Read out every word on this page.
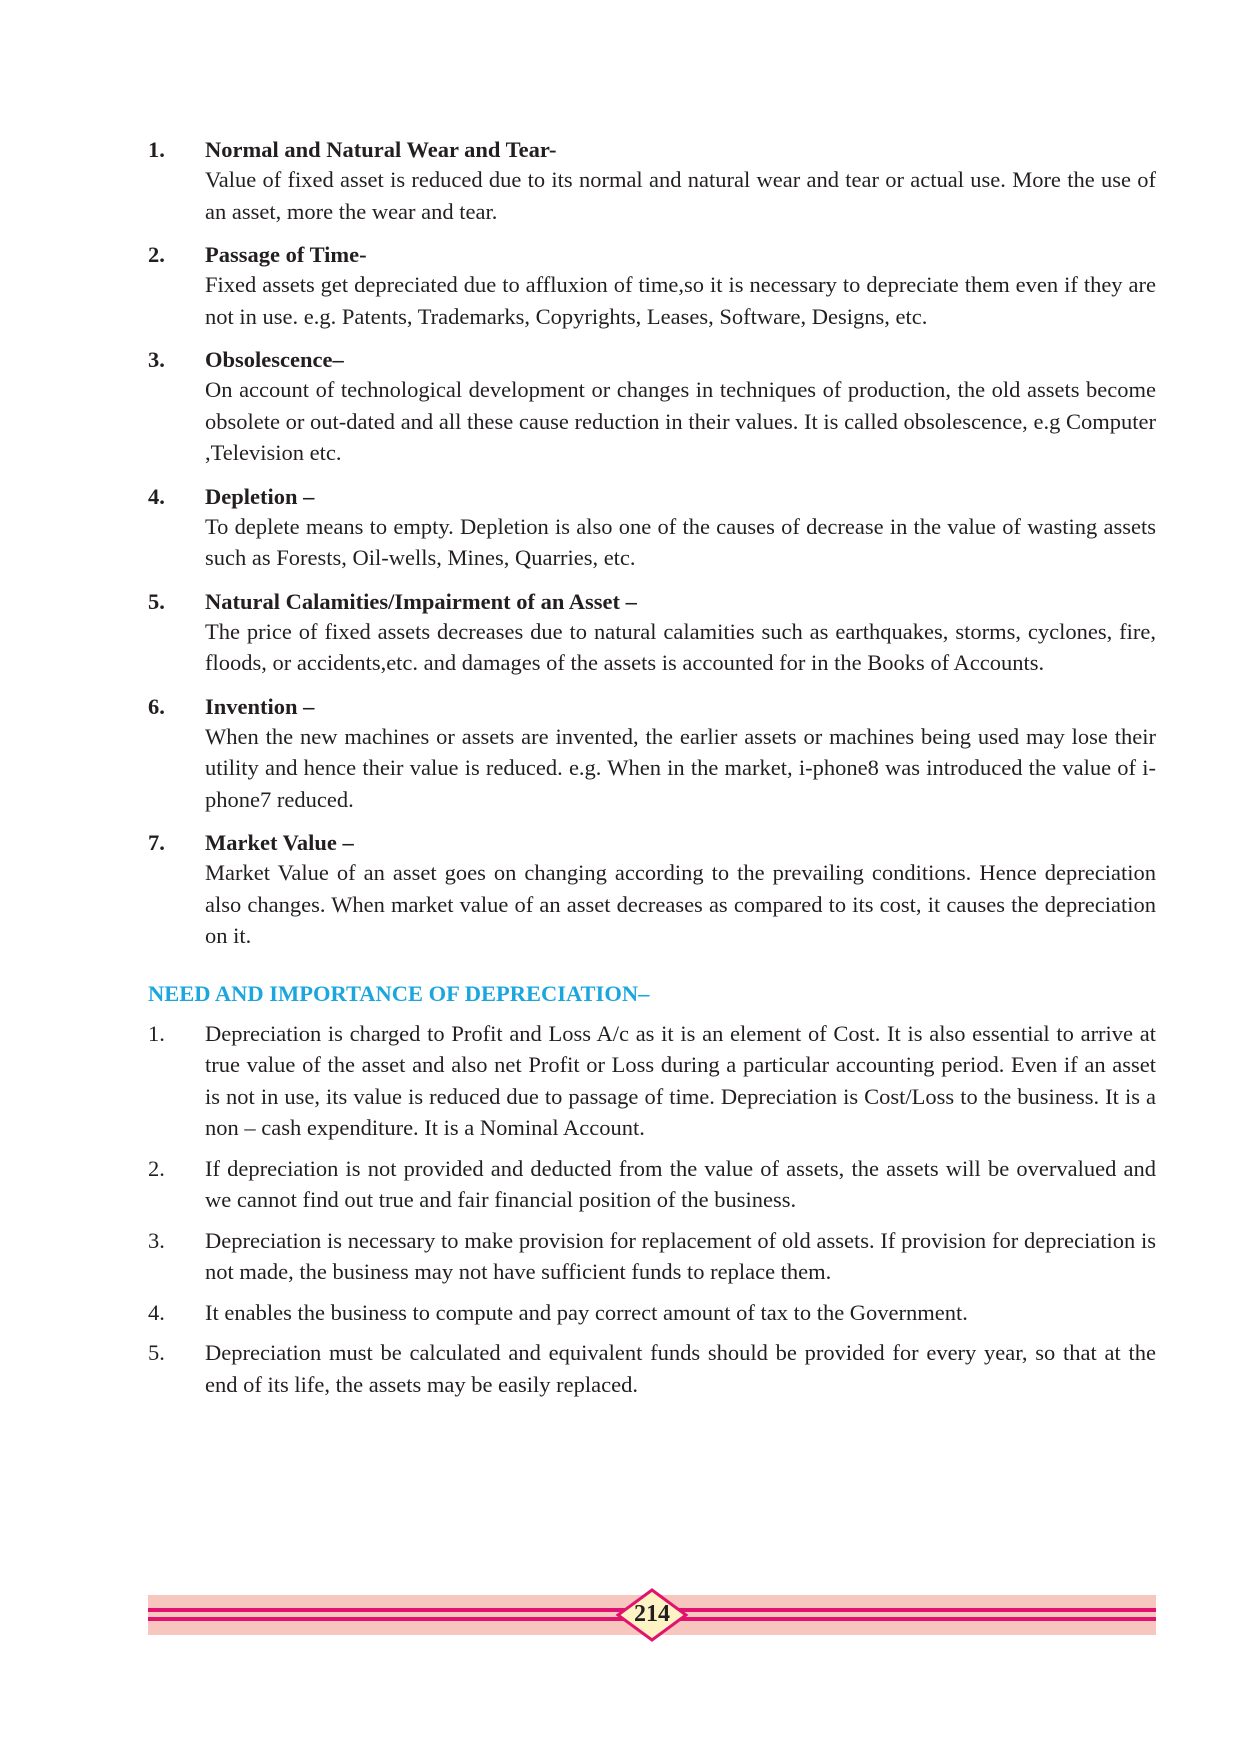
1.	Normal and Natural Wear and Tear-
Value of fixed asset is reduced due to its normal and natural wear and tear or actual use. More the use of an asset, more the wear and tear.
2.	Passage of Time-
Fixed assets get depreciated due to affluxion of time,so it is necessary to depreciate them even if they are not in use. e.g. Patents, Trademarks, Copyrights, Leases, Software, Designs, etc.
3.	Obsolescence–
On account of technological development or changes in techniques of production, the old assets become obsolete or out-dated and all these cause reduction in their values. It is called obsolescence, e.g Computer ,Television etc.
4.	Depletion –
To deplete means to empty. Depletion is also one of the causes of decrease in the value of wasting assets such as Forests, Oil-wells, Mines, Quarries, etc.
5.	Natural Calamities/Impairment of an Asset –
The price of fixed assets decreases due to natural calamities such as earthquakes, storms, cyclones, fire, floods, or accidents,etc. and damages of the assets is accounted for in the Books of Accounts.
6.	Invention –
When the new machines or assets are invented, the earlier assets or machines being used may lose their utility and hence their value is reduced. e.g. When in the market, i-phone8 was introduced the value of i-phone7 reduced.
7.	Market Value –
Market Value of an asset goes on changing according to the prevailing conditions. Hence depreciation also changes. When market value of an asset decreases as compared to its cost, it causes the depreciation on it.
NEED AND IMPORTANCE OF DEPRECIATION–
1.	Depreciation is charged to Profit and Loss A/c as it is an element of Cost. It is also essential to arrive at true value of the asset and also net Profit or Loss during a particular accounting period. Even if an asset is not in use, its value is reduced due to passage of time. Depreciation is Cost/Loss to the business. It is a non – cash expenditure. It is a Nominal Account.
2.	If depreciation is not provided and deducted from the value of assets, the assets will be overvalued and we cannot find out true and fair financial position of the business.
3.	Depreciation is necessary to make provision for replacement of old assets. If provision for depreciation is not made, the business may not have sufficient funds to replace them.
4.	It enables the business to compute and pay correct amount of tax to the Government.
5.	Depreciation must be calculated and equivalent funds should be provided for every year, so that at the end of its life, the assets may be easily replaced.
214
